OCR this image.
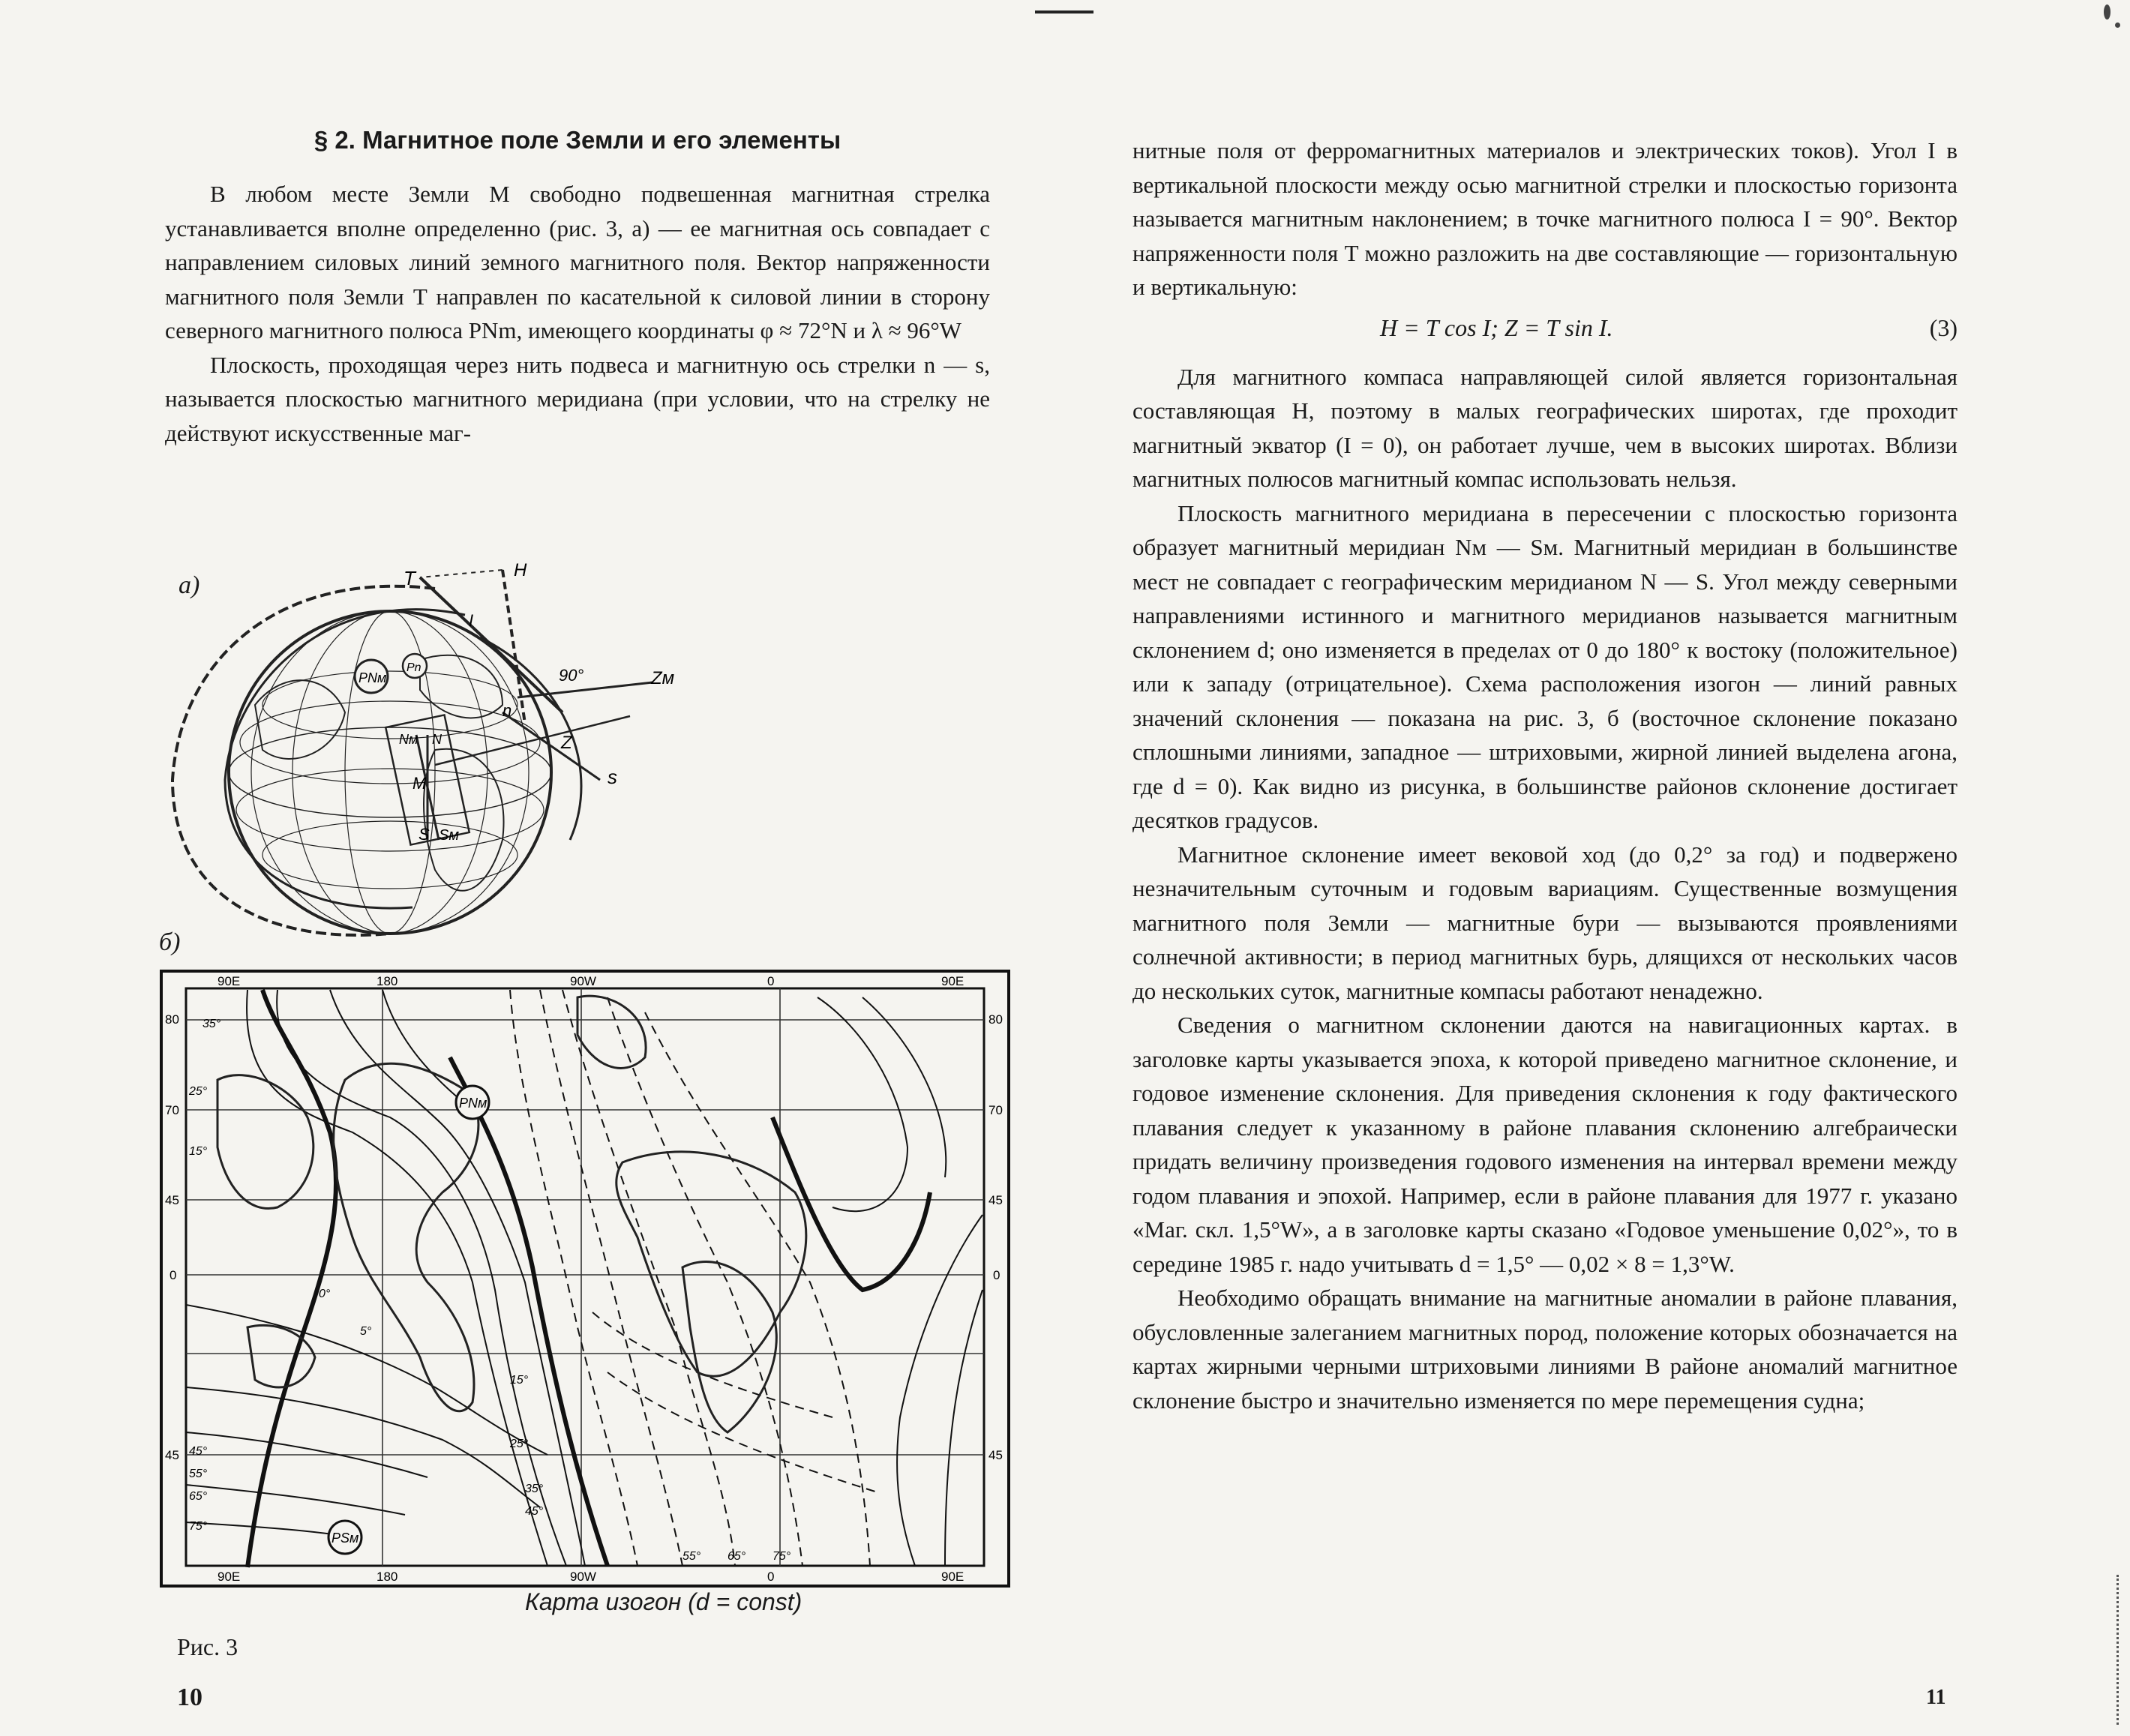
§ 2. Магнитное поле Земли и его элементы

В любом месте Земли М свободно подвешенная магнитная стрелка устанавливается вполне определенно (рис. 3, а) — ее магнитная ось совпадает с направлением силовых линий земного магнитного поля. Вектор напряженности магнитного поля Земли T направлен по касательной к силовой линии в сторону северного магнитного полюса PNm, имеющего координаты φ ≈ 72°N и λ ≈ 96°W

Плоскость, проходящая через нить подвеса и магнитную ось стрелки n — s, называется плоскостью магнитного меридиана (при условии, что на стрелку не действуют искусственные маг-

а)
б)
T	H
I
90°	Zм
Z
n
s
PNм
Pn
Nм N
M
S Sм
PNм
PSм
90E	180	90W	0	90E
90E	180	90W	0	90E
80
70
45
0
45
80
70
45
0
45
15°
25°
35°
45°
55°
65°
75°
0°
5°
15°
25°
35°
45°
55° 65° 75°
Карта изогон (d = const)
Рис. 3
10

нитные поля от ферромагнитных материалов и электрических токов). Угол I в вертикальной плоскости между осью магнитной стрелки и плоскостью горизонта называется магнитным наклонением; в точке магнитного полюса I = 90°. Вектор напряженности поля T можно разложить на две составляющие — горизонтальную и вертикальную:

H = T cos I; Z = T sin I.	(3)

Для магнитного компаса направляющей силой является горизонтальная составляющая H, поэтому в малых географических широтах, где проходит магнитный экватор (I = 0), он работает лучше, чем в высоких широтах. Вблизи магнитных полюсов магнитный компас использовать нельзя.

Плоскость магнитного меридиана в пересечении с плоскостью горизонта образует магнитный меридиан Nм — Sм. Магнитный меридиан в большинстве мест не совпадает с географическим меридианом N — S. Угол между северными направлениями истинного и магнитного меридианов называется магнитным склонением d; оно изменяется в пределах от 0 до 180° к востоку (положительное) или к западу (отрицательное). Схема расположения изогон — линий равных значений склонения — показана на рис. 3, б (восточное склонение показано сплошными линиями, западное — штриховыми, жирной линией выделена агона, где d = 0). Как видно из рисунка, в большинстве районов склонение достигает десятков градусов.

Магнитное склонение имеет вековой ход (до 0,2° за год) и подвержено незначительным суточным и годовым вариациям. Существенные возмущения магнитного поля Земли — магнитные бури — вызываются проявлениями солнечной активности; в период магнитных бурь, длящихся от нескольких часов до нескольких суток, магнитные компасы работают ненадежно.

Сведения о магнитном склонении даются на навигационных картах. в заголовке карты указывается эпоха, к которой приведено магнитное склонение, и годовое изменение склонения. Для приведения склонения к году фактического плавания следует к указанному в районе плавания склонению алгебраически придать величину произведения годового изменения на интервал времени между годом плавания и эпохой. Например, если в районе плавания для 1977 г. указано «Маг. скл. 1,5°W», а в заголовке карты сказано «Годовое уменьшение 0,02°», то в середине 1985 г. надо учитывать d = 1,5° — 0,02 × 8 = 1,3°W.

Необходимо обращать внимание на магнитные аномалии в районе плавания, обусловленные залеганием магнитных пород, положение которых обозначается на картах жирными черными штриховыми линиями В районе аномалий магнитное склонение быстро и значительно изменяется по мере перемещения судна;

11
